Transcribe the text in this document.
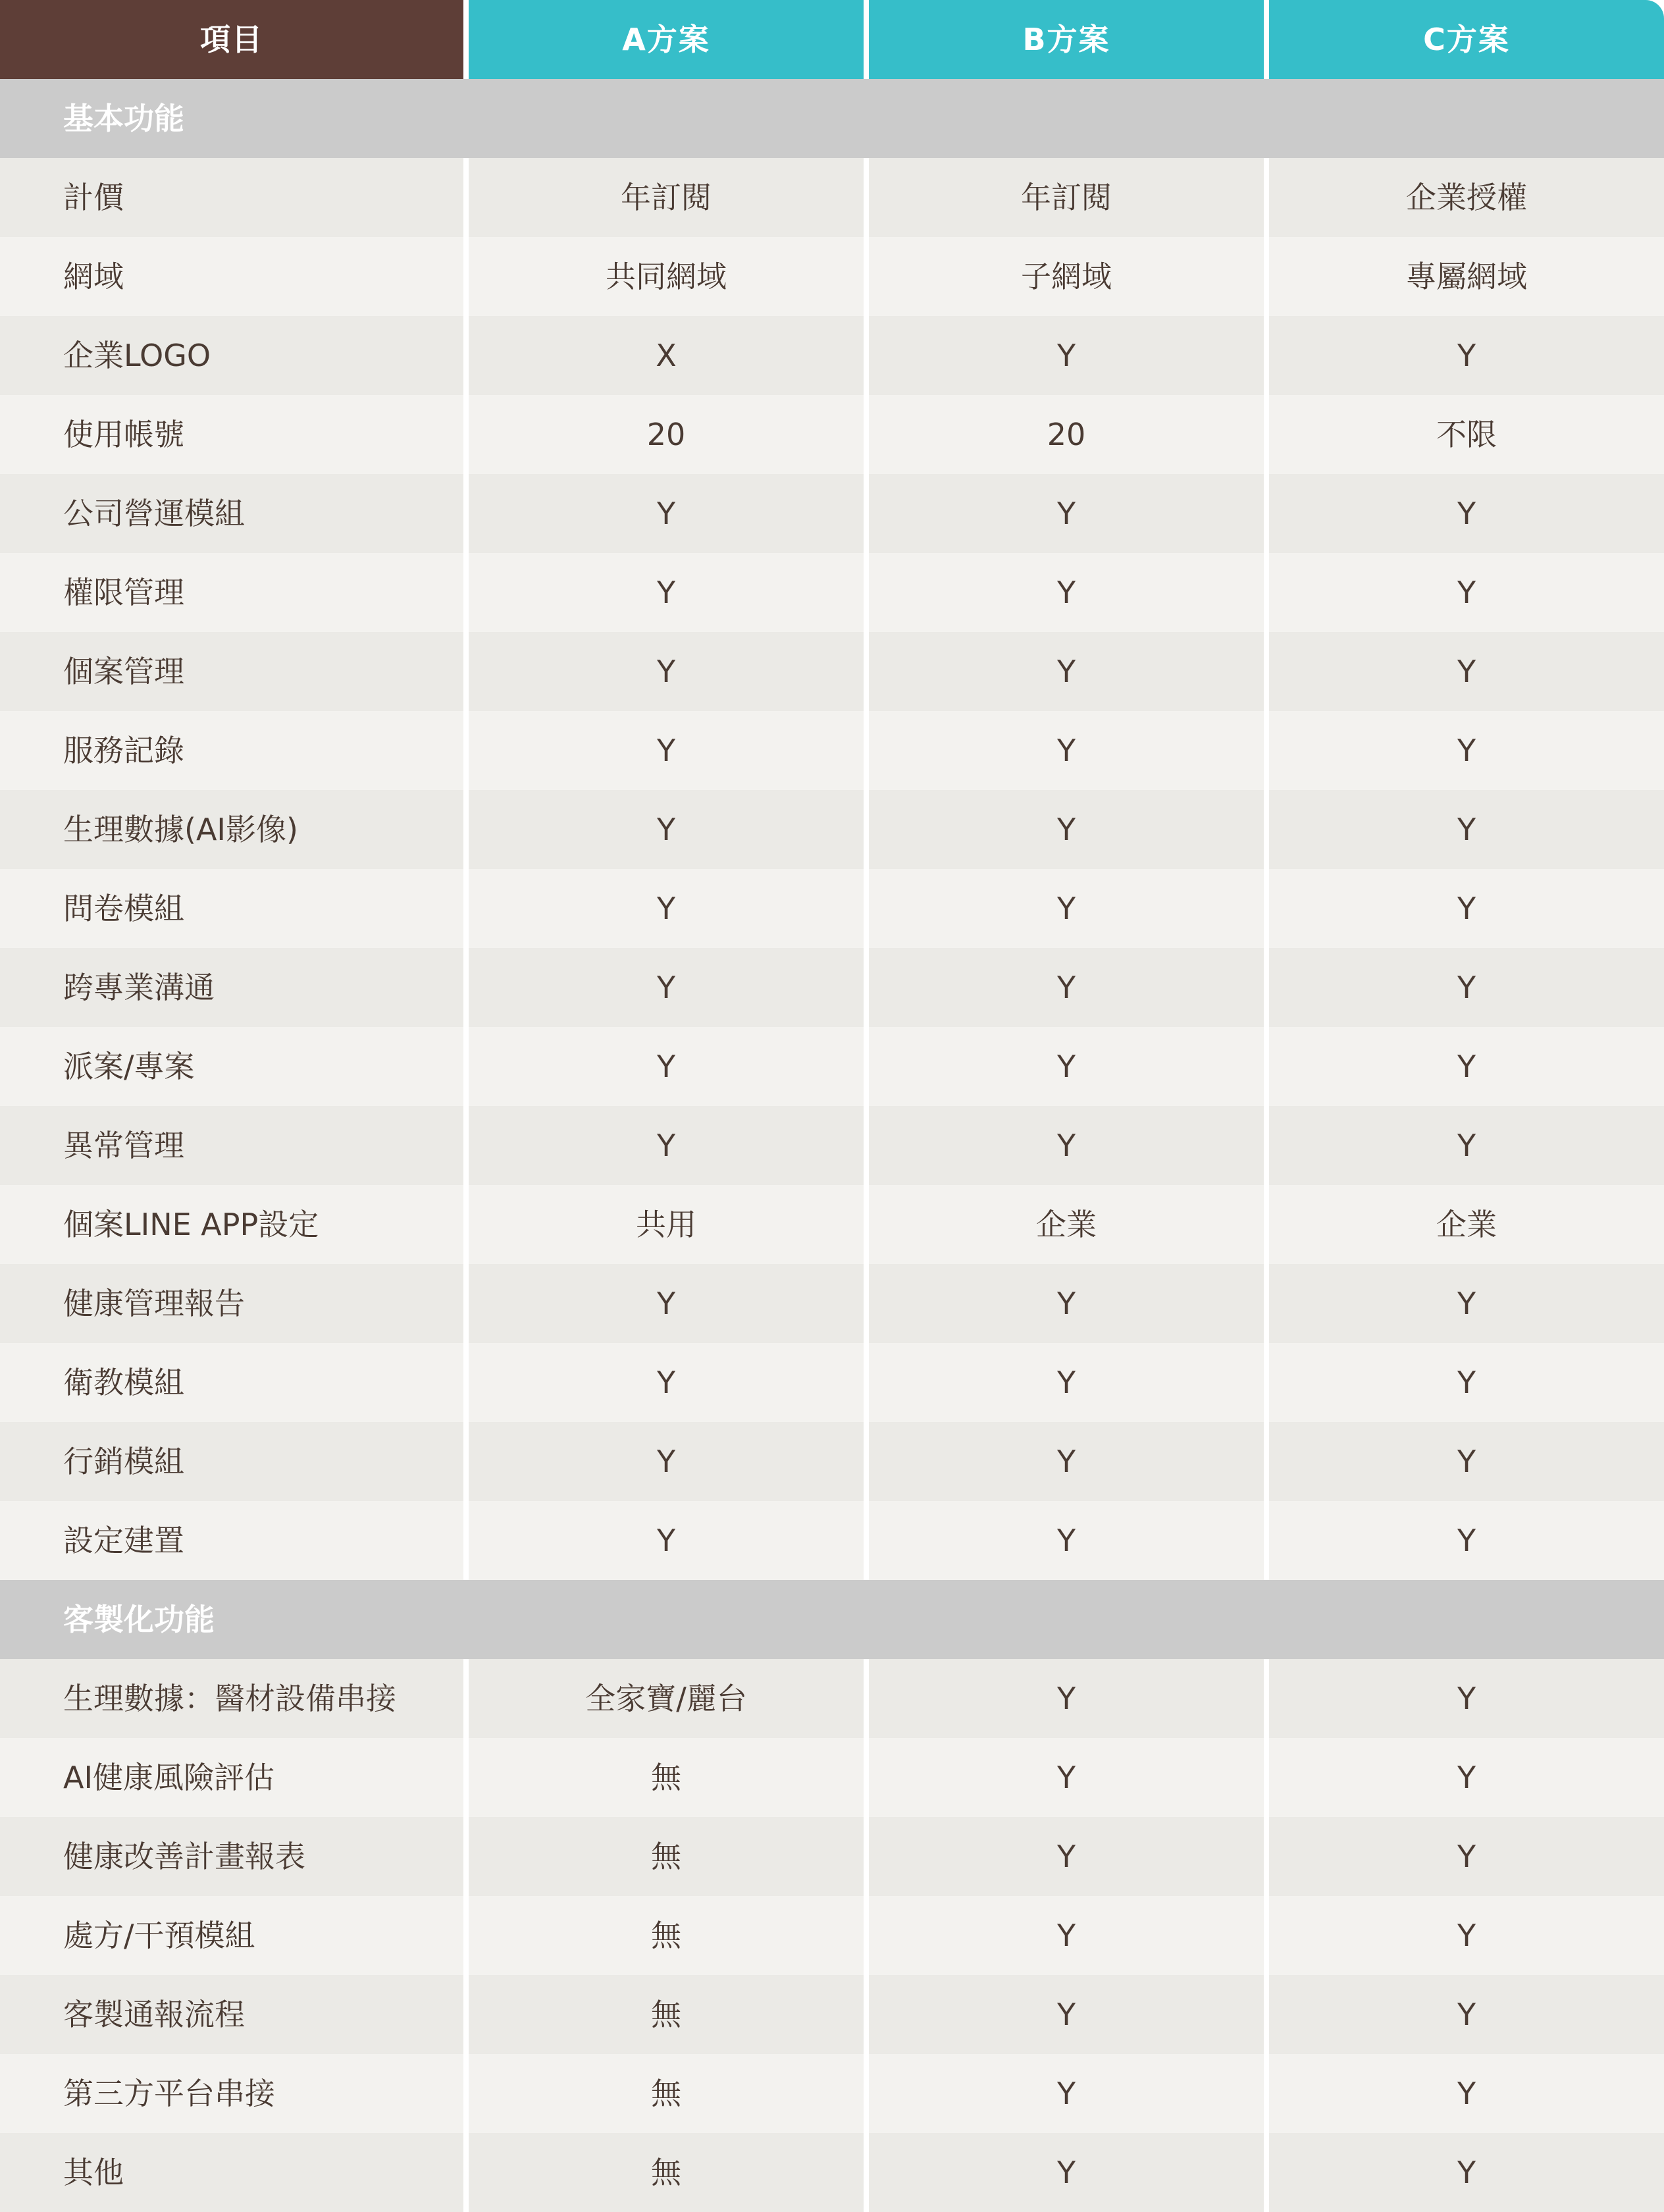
項目	A方案	B方案	C方案
基本功能
計價	年訂閱	年訂閱	企業授權
網域	共同網域	子網域	專屬網域
企業LOGO	X	Y	Y
使用帳號	20	20	不限
公司營運模組	Y	Y	Y
權限管理	Y	Y	Y
個案管理	Y	Y	Y
服務記錄	Y	Y	Y
生理數據(AI影像)	Y	Y	Y
問卷模組	Y	Y	Y
跨專業溝通	Y	Y	Y
派案/專案	Y	Y	Y
異常管理	Y	Y	Y
個案LINE APP設定	共用	企業	企業
健康管理報告	Y	Y	Y
衛教模組	Y	Y	Y
行銷模組	Y	Y	Y
設定建置	Y	Y	Y
客製化功能
生理數據：醫材設備串接	全家寶/麗台	Y	Y
AI健康風險評估	無	Y	Y
健康改善計畫報表	無	Y	Y
處方/干預模組	無	Y	Y
客製通報流程	無	Y	Y
第三方平台串接	無	Y	Y
其他	無	Y	Y
